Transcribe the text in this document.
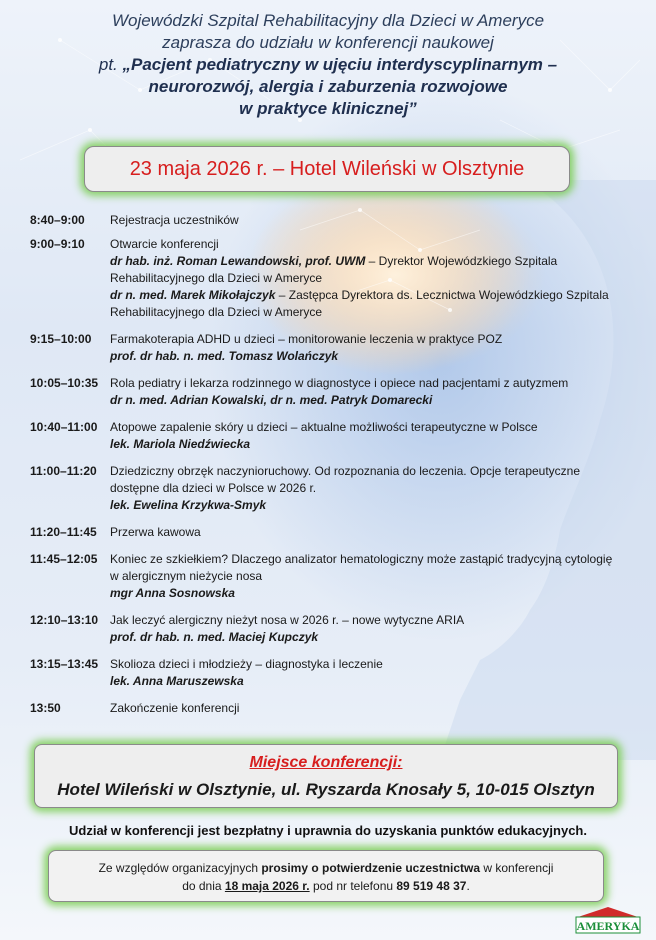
Wojewódzki Szpital Rehabilitacyjny dla Dzieci w Ameryce
zaprasza do udziału w konferencji naukowej
pt. „Pacjent pediatryczny w ujęciu interdyscyplinarnym –
neurorozwój, alergia i zaburzenia rozwojowe
w praktyce klinicznej”
23 maja 2026 r. – Hotel Wileński w Olsztynie
8:40–9:00	Rejestracja uczestników
9:00–9:10	Otwarcie konferencji
dr hab. inż. Roman Lewandowski, prof. UWM – Dyrektor Wojewódzkiego Szpitala Rehabilitacyjnego dla Dzieci w Ameryce
dr n. med. Marek Mikołajczyk – Zastępca Dyrektora ds. Lecznictwa Wojewódzkiego Szpitala Rehabilitacyjnego dla Dzieci w Ameryce
9:15–10:00	Farmakoterapia ADHD u dzieci – monitorowanie leczenia w praktyce POZ
prof. dr hab. n. med. Tomasz Wolańczyk
10:05–10:35 Rola pediatry i lekarza rodzinnego w diagnostyce i opiece nad pacjentami z autyzmem
dr n. med. Adrian Kowalski, dr n. med. Patryk Domarecki
10:40–11:00	Atopowe zapalenie skóry u dzieci – aktualne możliwości terapeutyczne w Polsce
lek. Mariola Niedźwiecka
11:00–11:20	Dziedziczny obrzęk naczynioruchowy. Od rozpoznania do leczenia. Opcje terapeutyczne
dostępne dla dzieci w Polsce w 2026 r.
lek. Ewelina Krzykwa-Smyk
11:20–11:45	Przerwa kawowa
11:45–12:05	Koniec ze szkiełkiem? Dlaczego analizator hematologiczny może zastąpić tradycyjną cytologię
w alergicznym nieżycie nosa
mgr Anna Sosnowska
12:10–13:10 Jak leczyć alergiczny nieżyt nosa w 2026 r. – nowe wytyczne ARIA
prof. dr hab. n. med. Maciej Kupczyk
13:15–13:45 Skolioza dzieci i młodzieży – diagnostyka i leczenie
lek. Anna Maruszewska
13:50	Zakończenie konferencji
Miejsce konferencji:
Hotel Wileński w Olsztynie, ul. Ryszarda Knosały 5, 10-015 Olsztyn
Udział w konferencji jest bezpłatny i uprawnia do uzyskania punktów edukacyjnych.
Ze względów organizacyjnych prosimy o potwierdzenie uczestnictwa w konferencji
do dnia 18 maja 2026 r. pod nr telefonu 89 519 48 37.
AMERYKA
